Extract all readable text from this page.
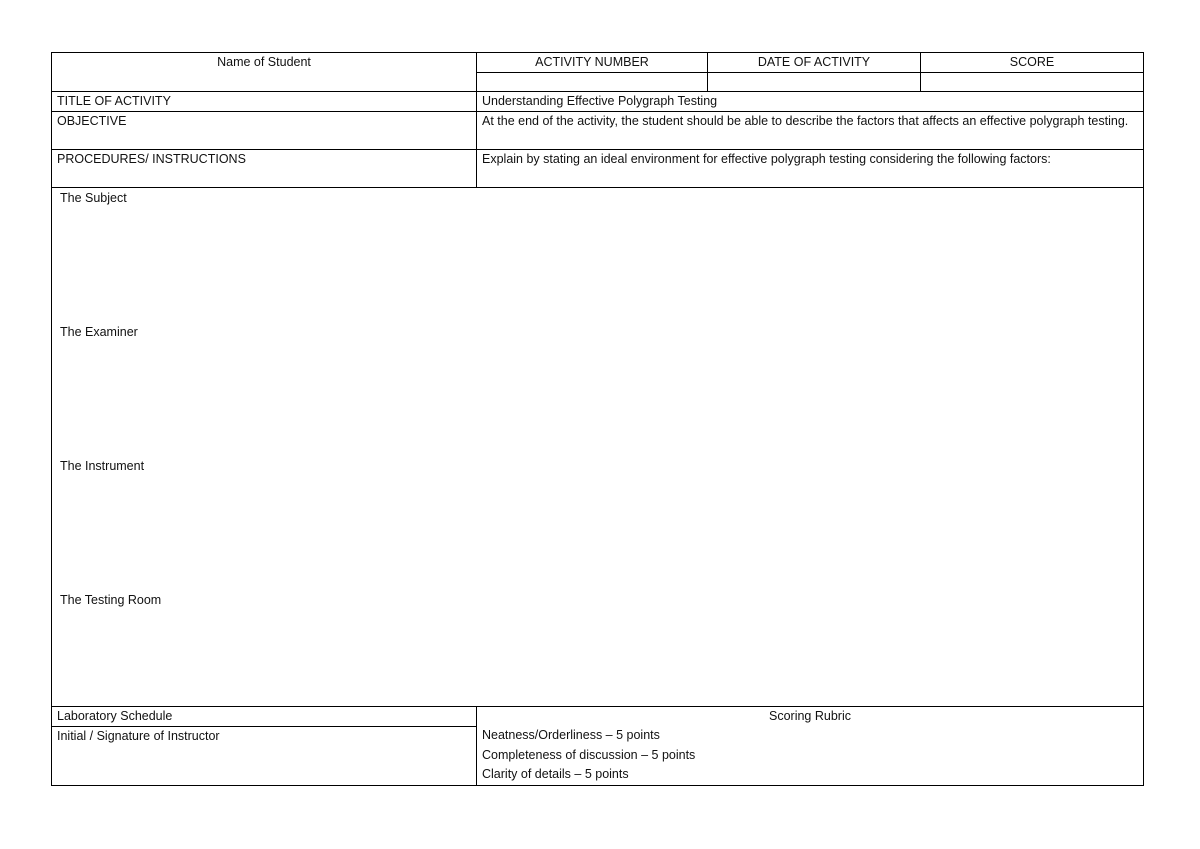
Name of Student	ACTIVITY NUMBER	DATE OF ACTIVITY	SCORE

TITLE OF ACTIVITY	Understanding Effective Polygraph Testing		
OBJECTIVE	At the end of the activity, the student should be able to describe the factors that affects an effective polygraph testing.		
PROCEDURES/ INSTRUCTIONS	Explain by stating an ideal environment for effective polygraph testing considering the following factors:		

The Subject
The Examiner
The Instrument
The Testing Room			

Laboratory Schedule	Scoring Rubric
Neatness/Orderliness – 5 points
Completeness of discussion – 5 points
Clarity of details – 5 points		

Initial / Signature of Instructor			
